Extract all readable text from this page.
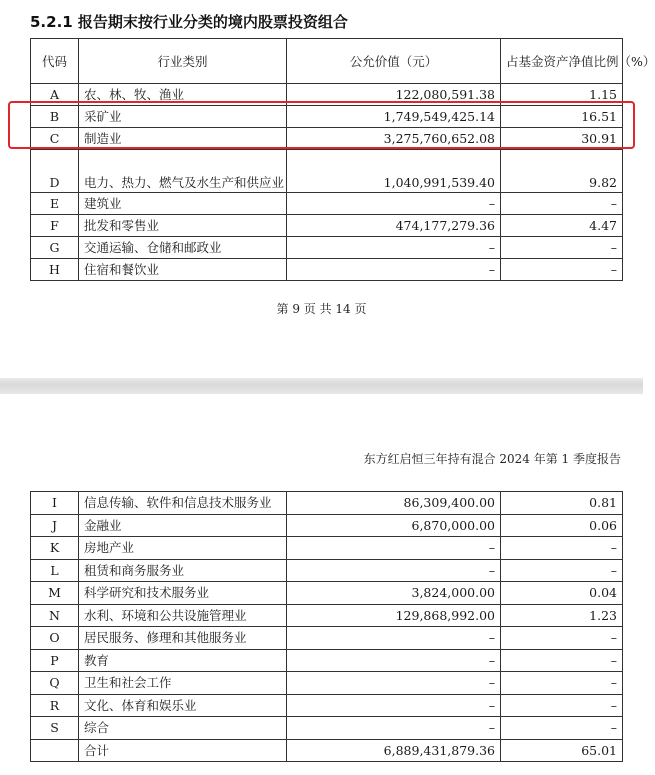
5.2.1 报告期末按行业分类的境内股票投资组合
代码	行业类别	公允价值（元）	占基金资产净值比例（%）
A	农、林、牧、渔业	122,080,591.38	1.15
B	采矿业	1,749,549,425.14	16.51
C	制造业	3,275,760,652.08	30.91
D	电力、热力、燃气及水生产和供应业	1,040,991,539.40	9.82
E	建筑业	–	–
F	批发和零售业	474,177,279.36	4.47
G	交通运输、仓储和邮政业	–	–
H	住宿和餐饮业	–	–
第 9 页 共 14 页
东方红启恒三年持有混合 2024 年第 1 季度报告
I	信息传输、软件和信息技术服务业	86,309,400.00	0.81
J	金融业	6,870,000.00	0.06
K	房地产业	–	–
L	租赁和商务服务业	–	–
M	科学研究和技术服务业	3,824,000.00	0.04
N	水利、环境和公共设施管理业	129,868,992.00	1.23
O	居民服务、修理和其他服务业	–	–
P	教育	–	–
Q	卫生和社会工作	–	–
R	文化、体育和娱乐业	–	–
S	综合	–	–
	合计	6,889,431,879.36	65.01
